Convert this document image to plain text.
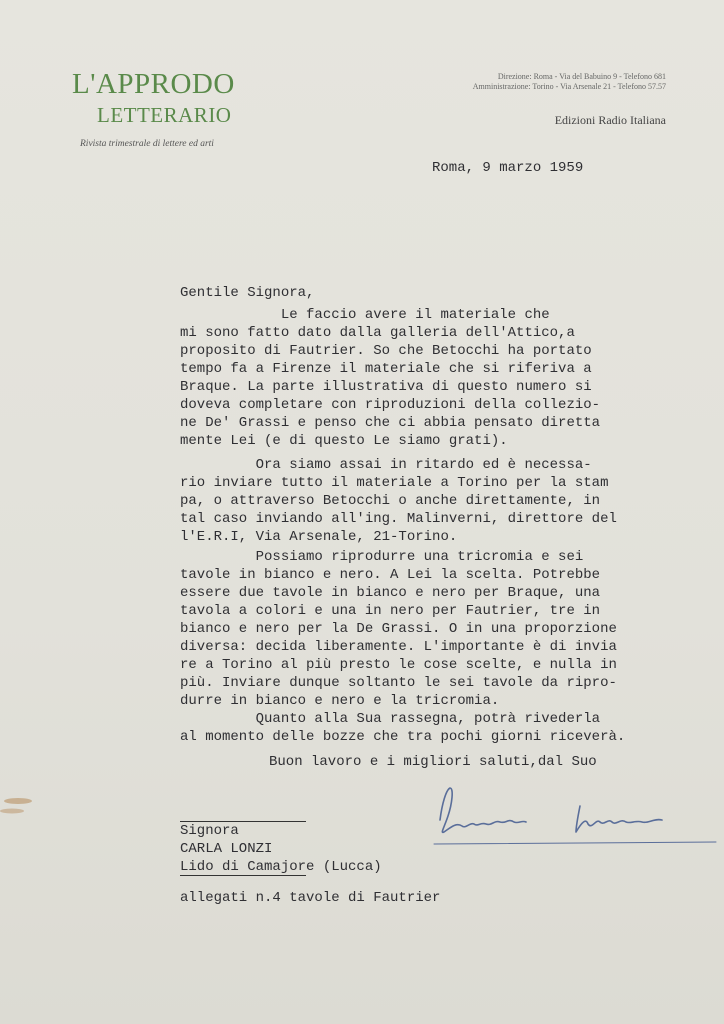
L'APPRODO
LETTERARIO
Rivista trimestrale di lettere ed arti
Direzione: Roma - Via del Babuino 9 - Telefono 681
Amministrazione: Torino - Via Arsenale 21 - Telefono 57.57
Edizioni Radio Italiana
Roma, 9 marzo 1959
Gentile Signora,
Le faccio avere il materiale che
mi sono fatto dato dalla galleria dell'Attico,a
proposito di Fautrier. So che Betocchi ha portato
tempo fa a Firenze il materiale che si riferiva a
Braque. La parte illustrativa di questo numero si
doveva completare con riproduzioni della collezio-
ne De' Grassi e penso che ci abbia pensato diretta
mente Lei (e di questo Le siamo grati).
Ora siamo assai in ritardo ed è necessa-
rio inviare tutto il materiale a Torino per la stam
pa, o attraverso Betocchi o anche direttamente, in
tal caso inviando all'ing. Malinverni, direttore del
l'E.R.I, Via Arsenale, 21-Torino.
Possiamo riprodurre una tricromia e sei
tavole in bianco e nero. A Lei la scelta. Potrebbe
essere due tavole in bianco e nero per Braque, una
tavola a colori e una in nero per Fautrier, tre in
bianco e nero per la De Grassi. O in una proporzione
diversa: decida liberamente. L'importante è di invia
re a Torino al più presto le cose scelte, e nulla in
più. Inviare dunque soltanto le sei tavole da ripro-
durre in bianco e nero e la tricromia.
Quanto alla Sua rassegna, potrà rivederla
al momento delle bozze che tra pochi giorni riceverà.
Buon lavoro e i migliori saluti,dal Suo
Signora
CARLA LONZI
Lido di Camajore (Lucca)
allegati n.4 tavole di Fautrier
